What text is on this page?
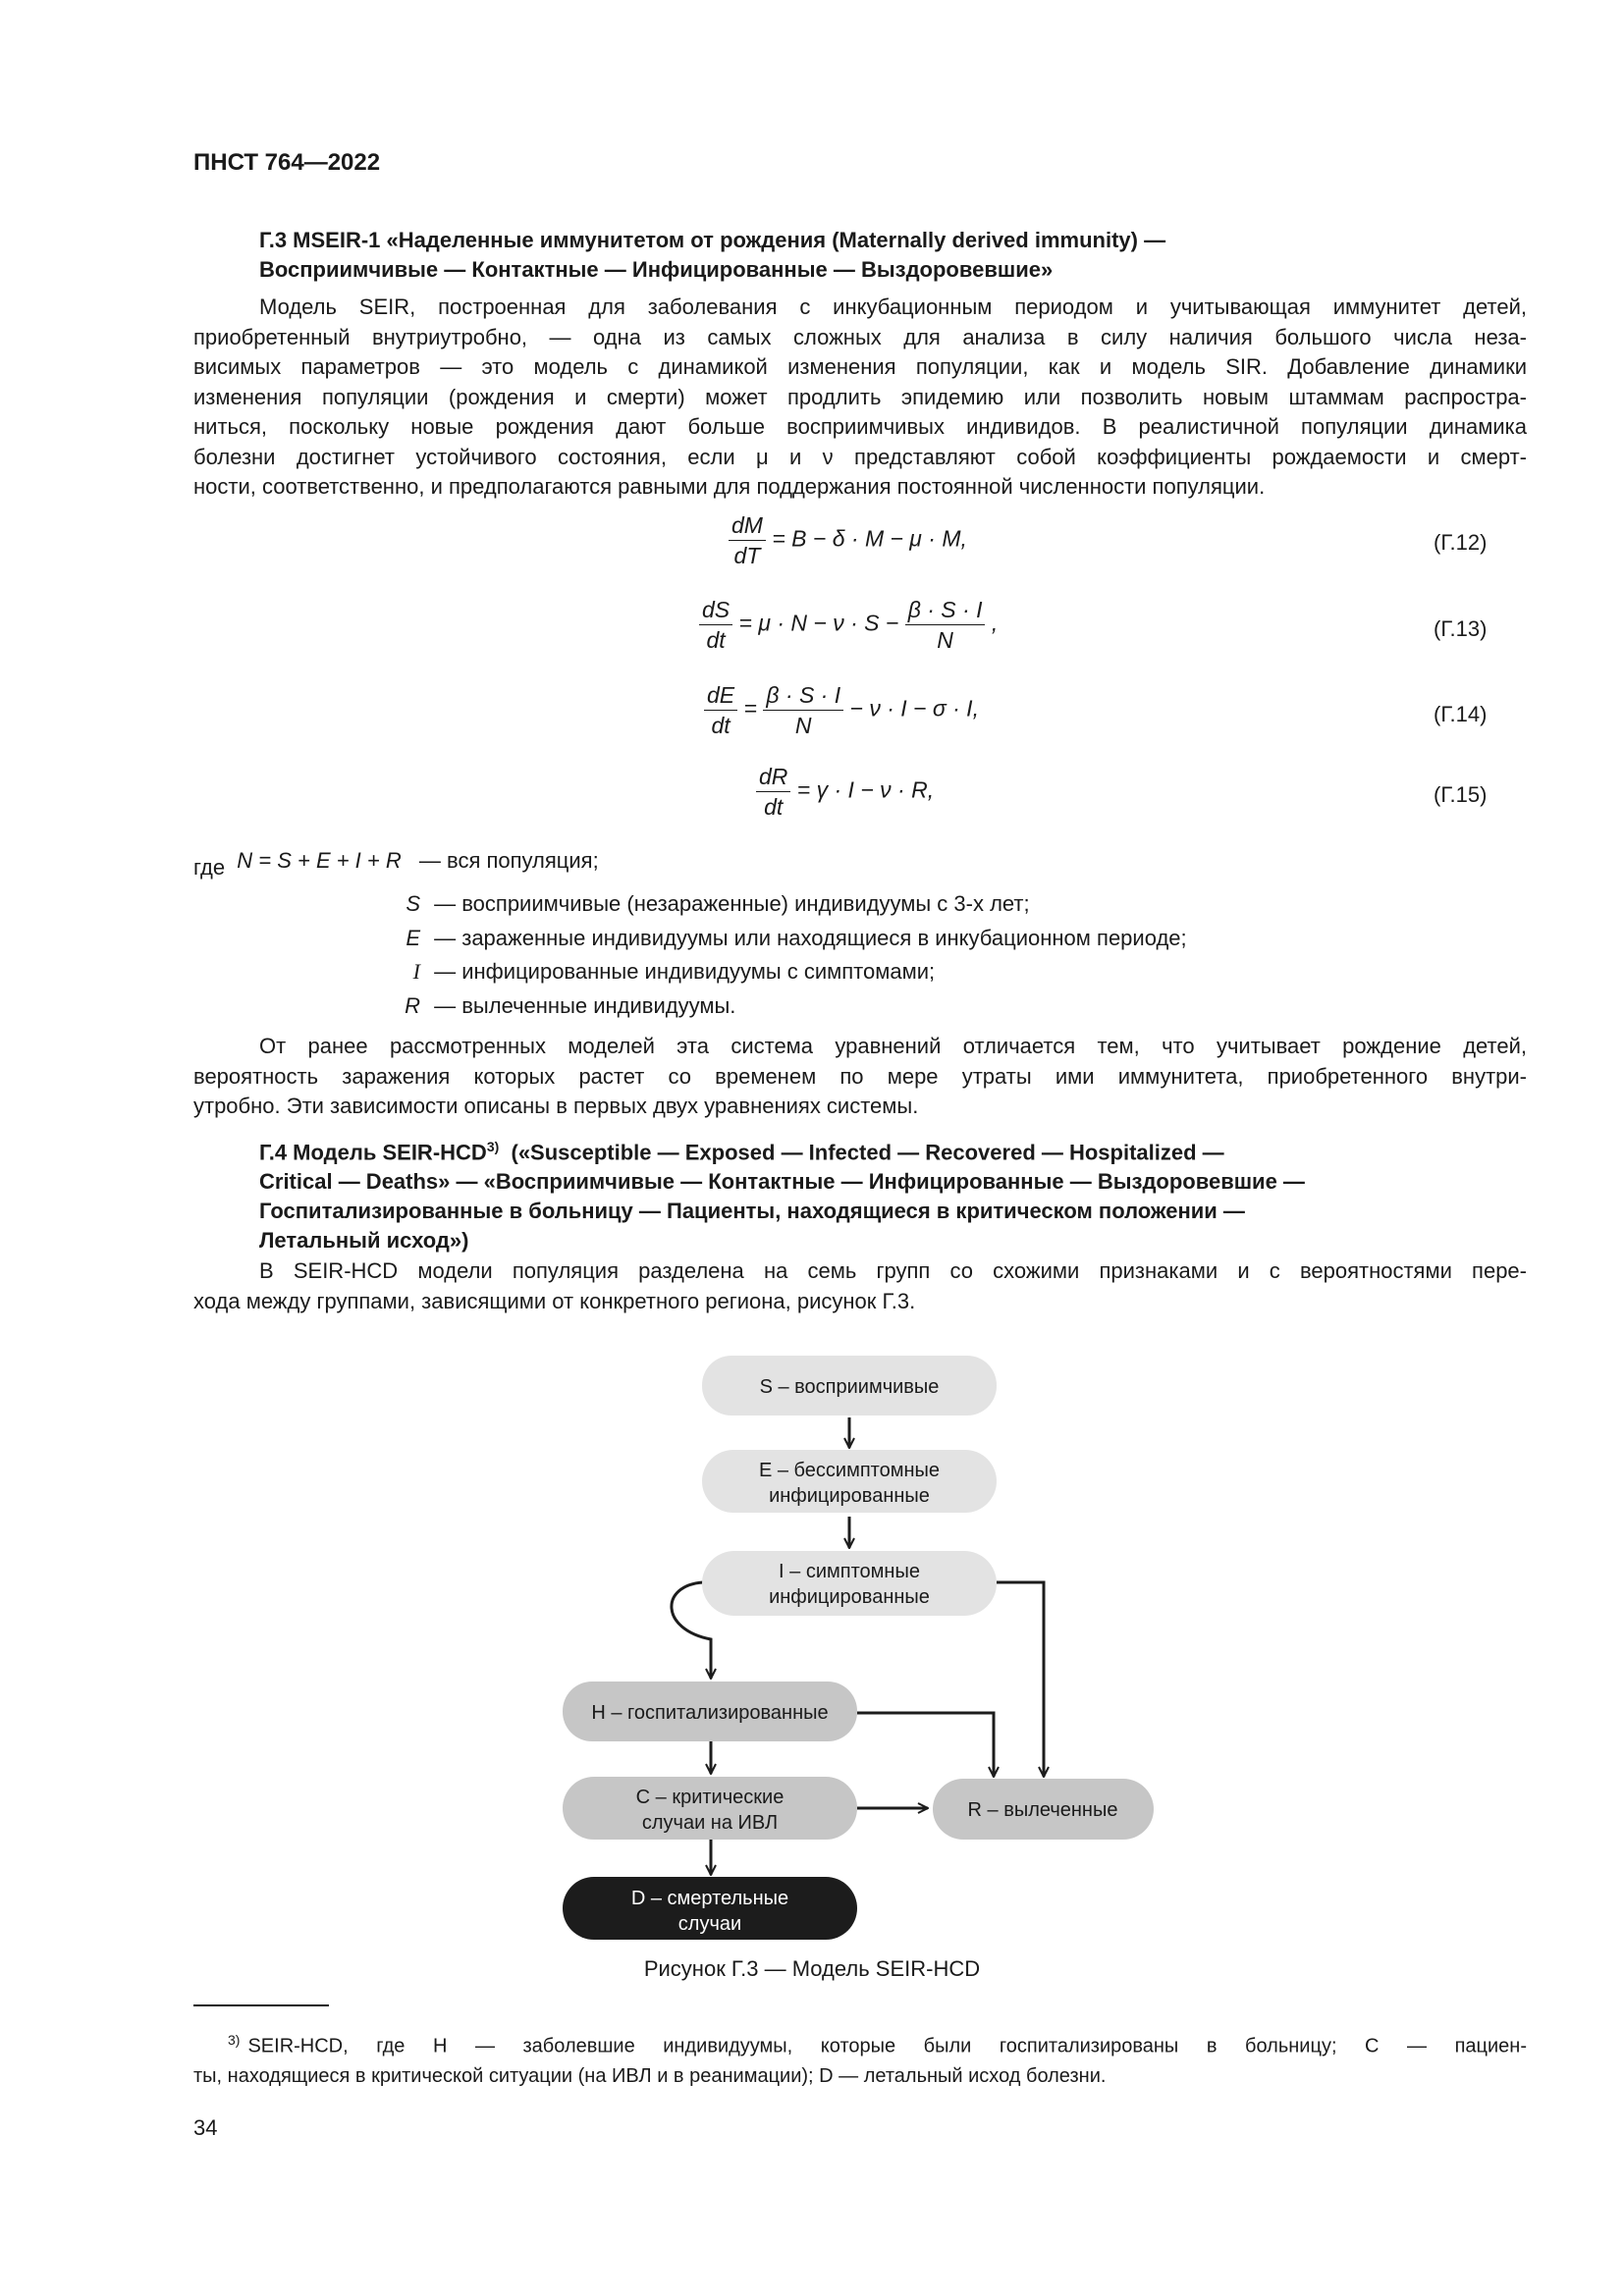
ПНСТ 764—2022
Г.3 MSEIR-1 «Наделенные иммунитетом от рождения (Maternally derived immunity) —
Восприимчивые — Контактные — Инфицированные — Выздоровевшие»
Модель SEIR, построенная для заболевания с инкубационным периодом и учитывающая иммунитет детей,
приобретенный внутриутробно, — одна из самых сложных для анализа в силу наличия большого числа неза-
висимых параметров — это модель с динамикой изменения популяции, как и модель SIR. Добавление динамики
изменения популяции (рождения и смерти) может продлить эпидемию или позволить новым штаммам распростра-
ниться, поскольку новые рождения дают больше восприимчивых индивидов. В реалистичной популяции динамика
болезни достигнет устойчивого состояния, если μ и ν представляют собой коэффициенты рождаемости и смерт-
ности, соответственно, и предполагаются равными для поддержания постоянной численности популяции.
$\frac{dM}{dT} = B - \delta \cdot M - \mu \cdot M$,	(Г.12)
$\frac{dS}{dt} = \mu \cdot N - \nu \cdot S - \frac{\beta \cdot S \cdot I}{N}$ ,	(Г.13)
$\frac{dE}{dt} = \frac{\beta \cdot S \cdot I}{N} - \nu \cdot I - \sigma \cdot I$,	(Г.14)
$\frac{dR}{dt} = \gamma \cdot I - \nu \cdot R$,	(Г.15)
где N = S + E + I + R — вся популяция;
S — восприимчивые (незараженные) индивидуумы с 3-х лет;
E — зараженные индивидуумы или находящиеся в инкубационном периоде;
I — инфицированные индивидуумы с симптомами;
R — вылеченные индивидуумы.
От ранее рассмотренных моделей эта система уравнений отличается тем, что учитывает рождение детей,
вероятность заражения которых растет со временем по мере утраты ими иммунитета, приобретенного внутри-
утробно. Эти зависимости описаны в первых двух уравнениях системы.
Г.4 Модель SEIR-HCD$^{3)}$  («Susceptible — Exposed — Infected — Recovered — Hospitalized —
Critical — Deaths» — «Восприимчивые — Контактные — Инфицированные — Выздоровевшие —
Госпитализированные в больницу — Пациенты, находящиеся в критическом положении —
Летальный исход»)
В SEIR-HCD модели популяция разделена на семь групп со схожими признаками и с вероятностями пере-
хода между группами, зависящими от конкретного региона, рисунок Г.3.
S – восприимчивые
E – бессимптомные
инфицированные
I – симптомные
инфицированные
H – госпитализированные
C – критические
случаи на ИВЛ
R – вылеченные
D – смертельные
случаи
Рисунок Г.3 — Модель SEIR-HCD
$^{3)}$ SEIR-HCD, где H — заболевшие индивидуумы, которые были госпитализированы в больницу; C — пациен-
ты, находящиеся в критической ситуации (на ИВЛ и в реанимации); D — летальный исход болезни.
34
